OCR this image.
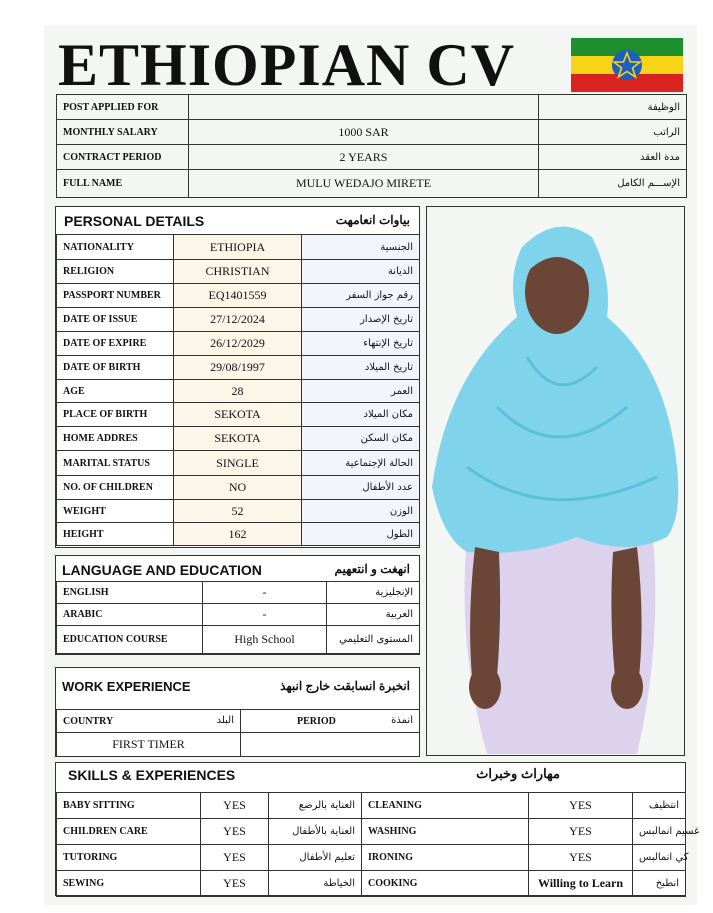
ETHIOPIAN CV
POST APPLIED FOR		الوظيفة
MONTHLY SALARY	1000 SAR	الراتب
CONTRACT PERIOD	2 YEARS	مدة العقد
FULL NAME	MULU WEDAJO MIRETE	الإســـم الكامل
PERSONAL DETAILS	بياوات انعامهت
NATIONALITY	ETHIOPIA	الجنسية
RELIGION	CHRISTIAN	الديانة
PASSPORT NUMBER	EQ1401559	رقم جواز السفر
DATE OF ISSUE	27/12/2024	تاريخ الإصدار
DATE OF EXPIRE	26/12/2029	تاريخ الإنتهاء
DATE OF BIRTH	29/08/1997	تاريخ الميلاد
AGE	28	العمر
PLACE OF BIRTH	SEKOTA	مكان الميلاد
HOME ADDRES	SEKOTA	مكان السكن
MARITAL STATUS	SINGLE	الحالة الإجتماعية
NO. OF CHILDREN	NO	عدد الأطفال
WEIGHT	52	الوزن
HEIGHT	162	الطول
LANGUAGE AND EDUCATION	انهغت و انتعهيم
ENGLISH	-	الإنجليزية
ARABIC	-	العربية
EDUCATION COURSE	High School	المستوى التعليمي
WORK EXPERIENCE	انخبرة انسابقت خارج انبهذ
COUNTRY البلد	PERIOD انمذة

FIRST TIMER	
SKILLS & EXPERIENCES	مهاراث وخبراث
BABY SITTING	YES	العناية بالرضع	CLEANING	YES	انتظيف
CHILDREN CARE	YES	العناية بالأطفال	WASHING	YES	غسيم انمالبس
TUTORING	YES	تعليم الأطفال	IRONING	YES	كي انمالبس
SEWING	YES	الخياطة	COOKING	Willing to Learn	انطبخ
